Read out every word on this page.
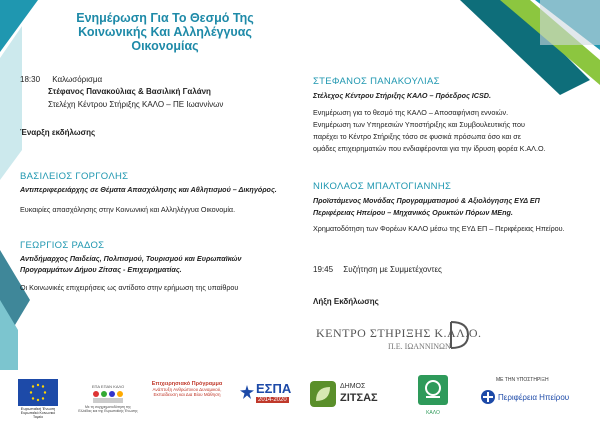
Ενημέρωση Για Το Θεσμό Της
Κοινωνικής Και Αλληλέγγυας
Οικονομίας
18:30 Καλωσόρισμα
Στέφανος Πανακούλιας & Βασιλική Γαλάνη
Στελέχη Κέντρου Στήριξης ΚΑΛΟ – ΠΕ Ιωαννίνων
Έναρξη εκδήλωσης
ΒΑΣΙΛΕΙΟΣ ΓΟΡΓΟΛΗΣ
Αντιπεριφερειάρχης σε Θέματα Απασχόλησης και Αθλητισμού – Δικηγόρος.
Ευκαιρίες απασχόλησης στην Κοινωνική και Αλληλέγγυα Οικονομία.
ΓΕΩΡΓΙΟΣ ΡΑΔΟΣ
Αντιδήμαρχος Παιδείας, Πολιτισμού, Τουρισμού και Ευρωπαϊκών
Προγραμμάτων Δήμου Ζίτσας - Επιχειρηματίας.
Οι Κοινωνικές επιχειρήσεις ως αντίδοτο στην ερήμωση της υπαίθρου
ΣΤΕΦΑΝΟΣ ΠΑΝΑΚΟΥΛΙΑΣ
Στέλεχος Κέντρου Στήριξης ΚΑΛΟ – Πρόεδρος ICSD.
Ενημέρωση για το θεσμό της ΚΑΛΟ – Αποσαφήνιση εννοιών.
Ενημέρωση των Υπηρεσιών Υποστήριξης και Συμβουλευτικής που
παρέχει το Κέντρο Στήριξης τόσο σε φυσικά πρόσωπα όσο και σε
ομάδες επιχειρηματιών που ενδιαφέρονται για την ίδρυση φορέα Κ.ΑΛ.Ο.
ΝΙΚΟΛΑΟΣ ΜΠΑΛΤΟΓΙΑΝΝΗΣ
Προϊστάμενος Μονάδας Προγραμματισμού & Αξιολόγησης ΕΥΔ ΕΠ
Περιφέρειας Ηπείρου – Μηχανικός Ορυκτών Πόρων MEng.
Χρηματοδότηση των Φορέων ΚΑΛΟ μέσω της ΕΥΔ ΕΠ – Περιφέρειας Ηπείρου.
19:45 Συζήτηση με Συμμετέχοντες
Λήξη Εκδήλωσης
ΚΕΝΤΡΟ ΣΤΗΡΙΞΗΣ Κ.ΑΛ.Ο.
Π.Ε. ΙΩΑΝΝΙΝΩΝ
Ευρωπαϊκή Ένωση
Ευρωπαϊκό Κοινωνικό Ταμείο
ΕΠΑ ΕΠΑΝ ΚΑΛΟ
Με τη συγχρηματοδότηση της Ελλάδας και της Ευρωπαϊκής Ένωσης
Επιχειρησιακό Πρόγραμμα
Ανάπτυξη Ανθρώπινου Δυναμικού,
Εκπαίδευση και Δια Βίου Μάθηση	ΕΣΠΑ
2014-2020
ΔΗΜΟΣ
ΖΙΤΣΑΣ
ΚΑΛΟ
ΜΕ ΤΗΝ ΥΠΟΣΤΗΡΙΞΗ
Περιφέρεια Ηπείρου
